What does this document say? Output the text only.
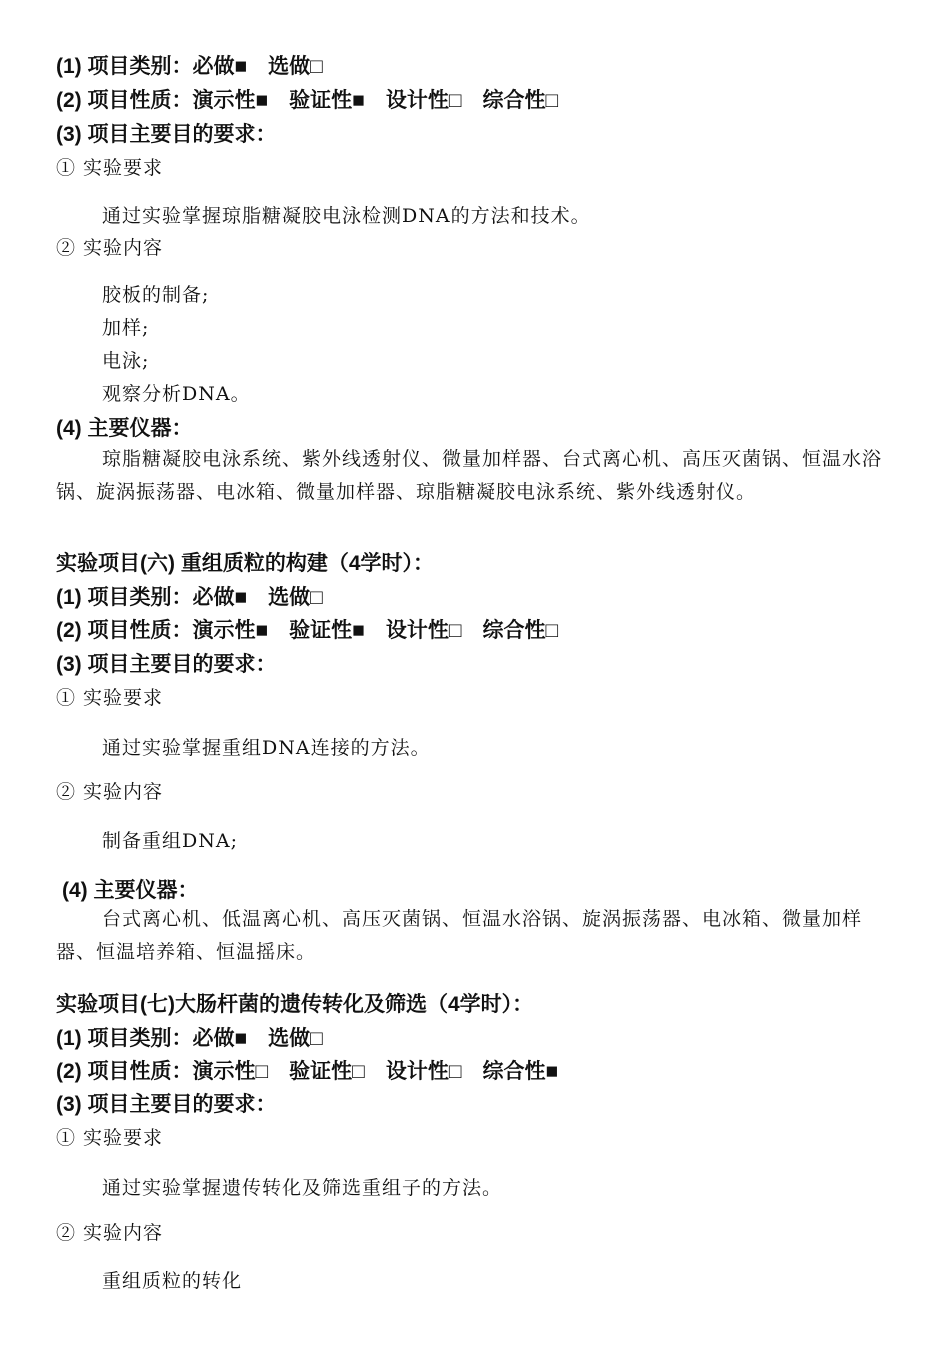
(1) 项目类别：必做■　选做□
(2) 项目性质：演示性■　验证性■　设计性□　综合性□
(3) 项目主要目的要求：
① 实验要求
通过实验掌握琼脂糖凝胶电泳检测DNA的方法和技术。
② 实验内容
胶板的制备;
加样;
电泳;
观察分析DNA。
(4) 主要仪器：
琼脂糖凝胶电泳系统、紫外线透射仪、微量加样器、台式离心机、高压灭菌锅、恒温水浴锅、旋涡振荡器、电冰箱、微量加样器、琼脂糖凝胶电泳系统、紫外线透射仪。
实验项目(六) 重组质粒的构建（4学时）：
(1) 项目类别：必做■　选做□
(2) 项目性质：演示性■　验证性■　设计性□　综合性□
(3) 项目主要目的要求：
① 实验要求
通过实验掌握重组DNA连接的方法。
② 实验内容
制备重组DNA;
(4) 主要仪器：
台式离心机、低温离心机、高压灭菌锅、恒温水浴锅、旋涡振荡器、电冰箱、微量加样器、恒温培养箱、恒温摇床。
实验项目(七)大肠杆菌的遗传转化及筛选（4学时）：
(1) 项目类别：必做■　选做□
(2) 项目性质：演示性□　验证性□　设计性□　综合性■
(3) 项目主要目的要求：
① 实验要求
通过实验掌握遗传转化及筛选重组子的方法。
② 实验内容
重组质粒的转化
